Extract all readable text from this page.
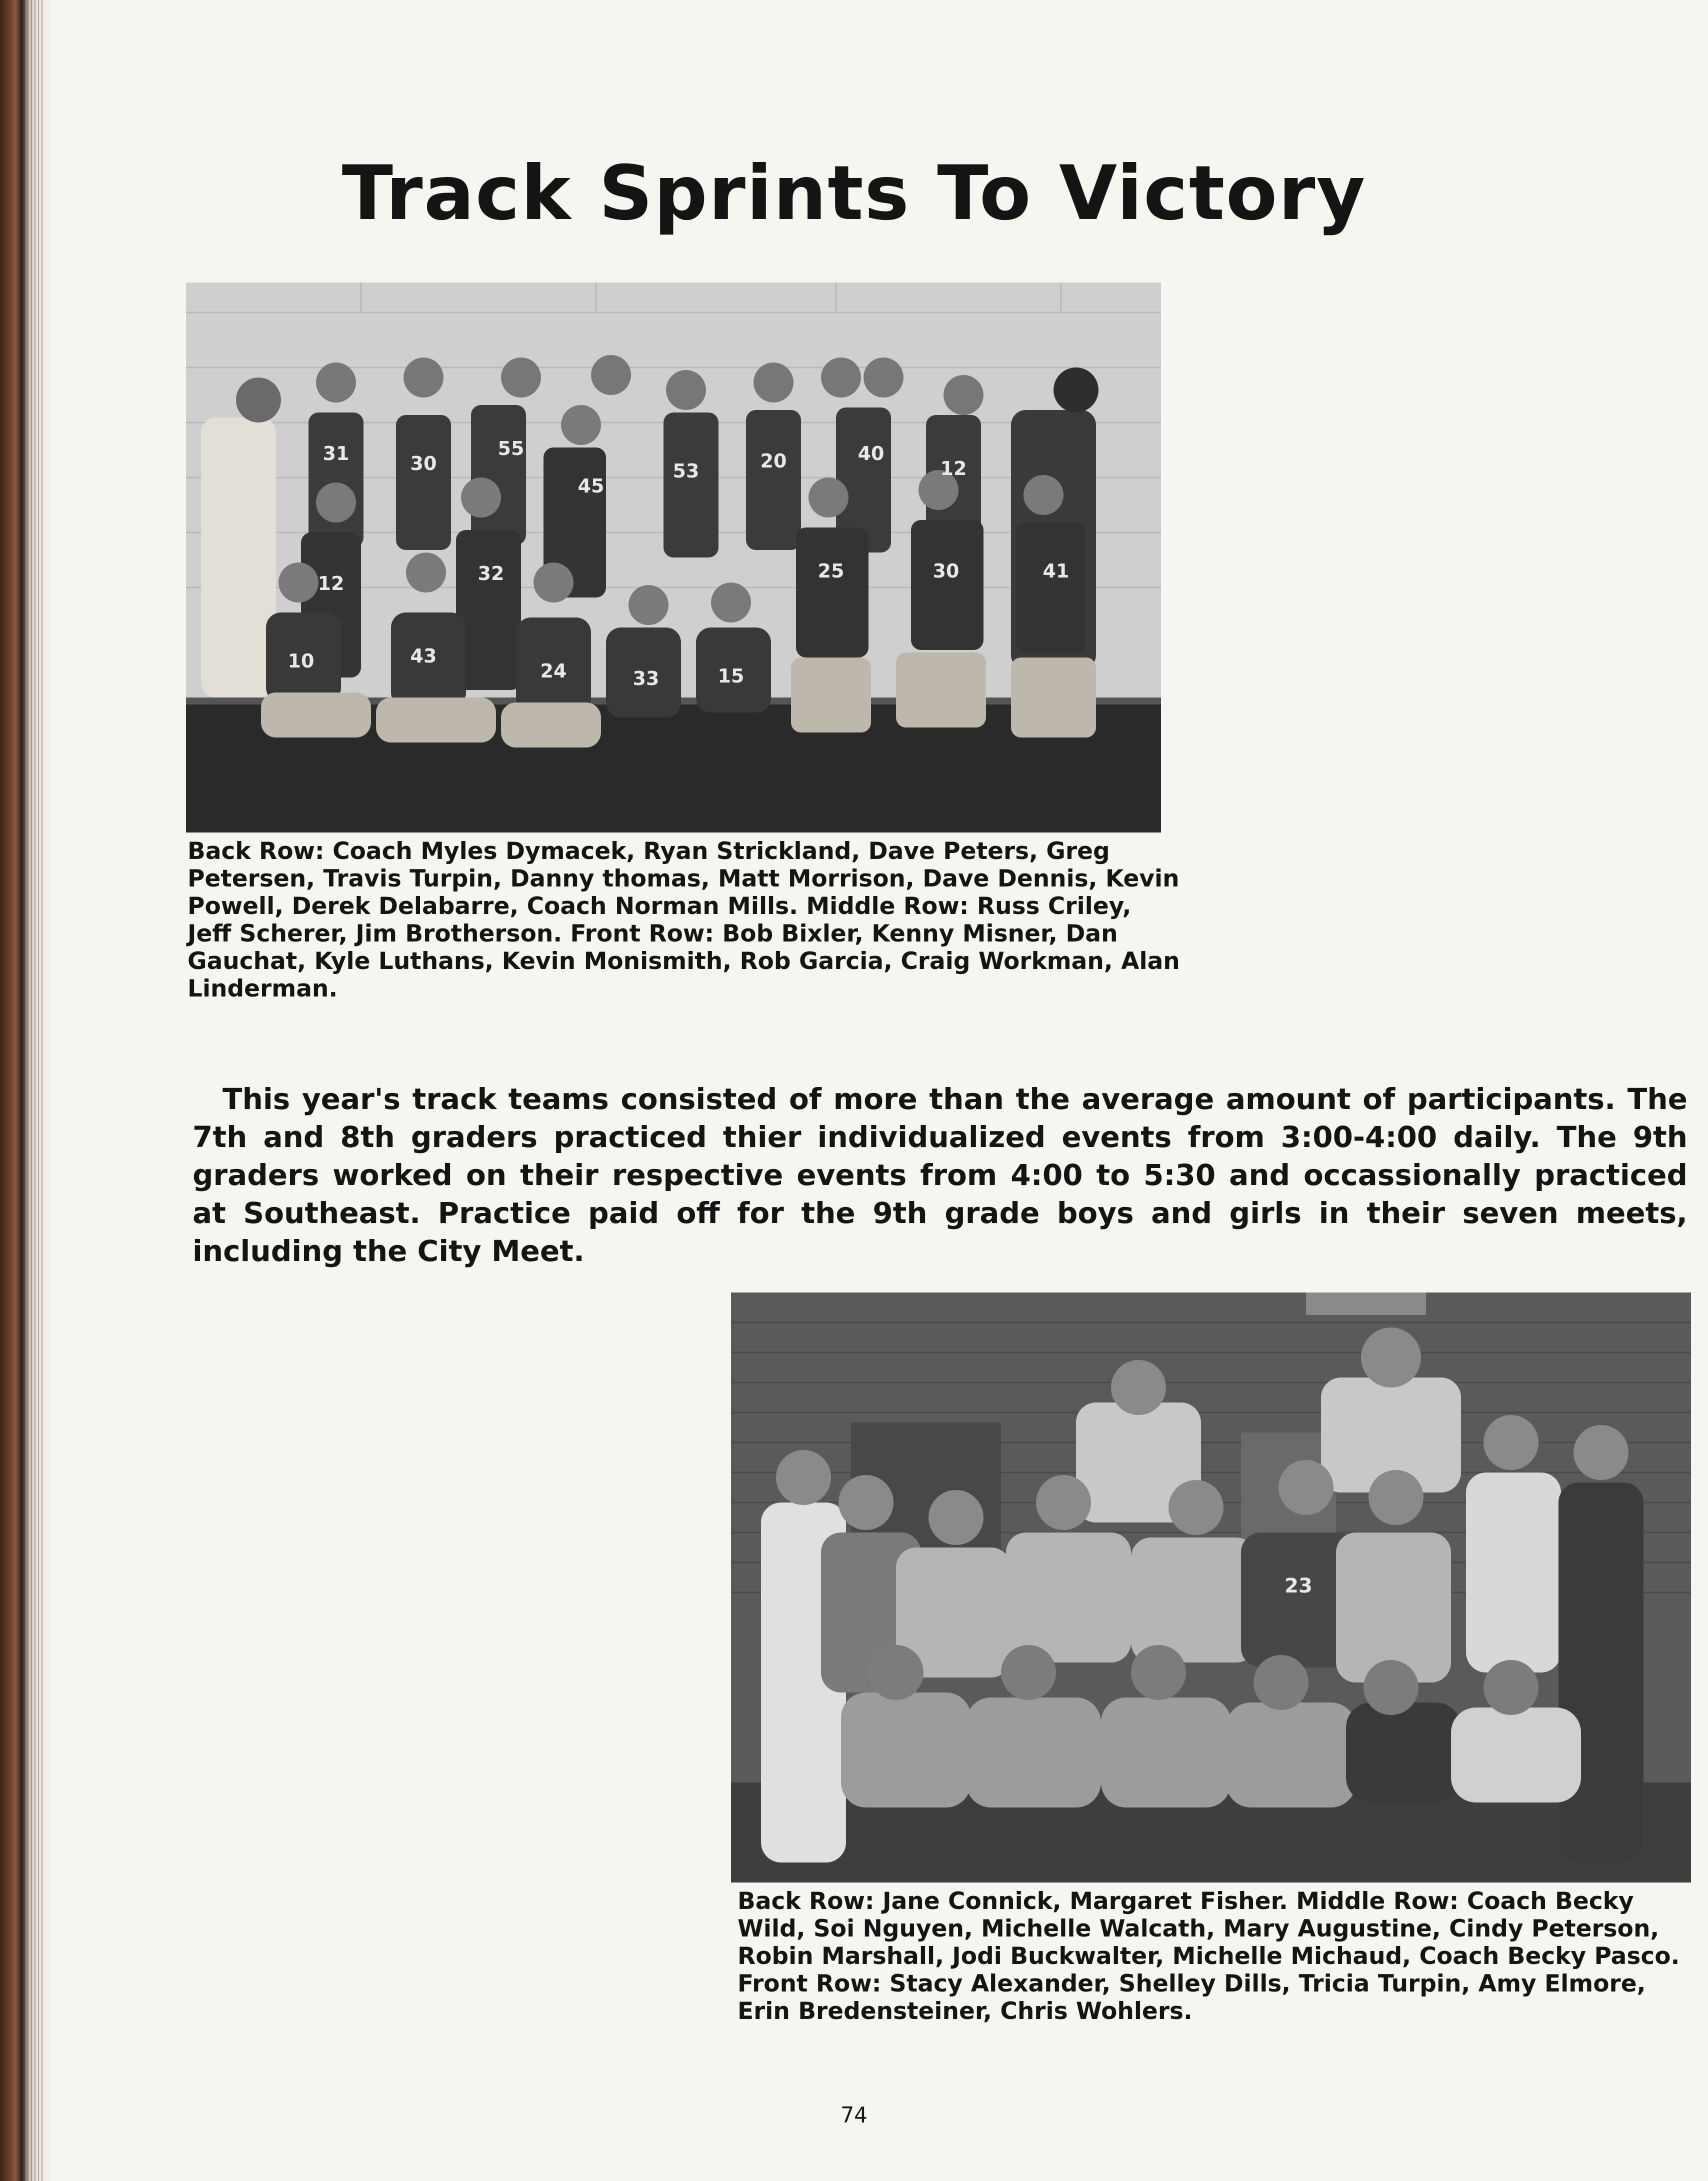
Track Sprints To Victory
31	30
55
45
53	20	40
12
12	32	25	30	41
10	43
24	33	15
Back Row: Coach Myles Dymacek, Ryan Strickland, Dave Peters, Greg Petersen, Travis Turpin, Danny thomas, Matt Morrison, Dave Dennis, Kevin Powell, Derek Delabarre, Coach Norman Mills. Middle Row: Russ Criley, Jeff Scherer, Jim Brotherson. Front Row: Bob Bixler, Kenny Misner, Dan Gauchat, Kyle Luthans, Kevin Monismith, Rob Garcia, Craig Workman, Alan Linderman.
This year's track teams consisted of more than the average amount of participants. The 7th and 8th graders practiced thier individualized events from 3:00-4:00 daily. The 9th graders worked on their respective events from 4:00 to 5:30 and occassionally practiced at Southeast. Practice paid off for the 9th grade boys and girls in their seven meets, including the City Meet.
23
Back Row: Jane Connick, Margaret Fisher. Middle Row: Coach Becky Wild, Soi Nguyen, Michelle Walcath, Mary Augustine, Cindy Peterson, Robin Marshall, Jodi Buckwalter, Michelle Michaud, Coach Becky Pasco. Front Row: Stacy Alexander, Shelley Dills, Tricia Turpin, Amy Elmore, Erin Bredensteiner, Chris Wohlers.
74
